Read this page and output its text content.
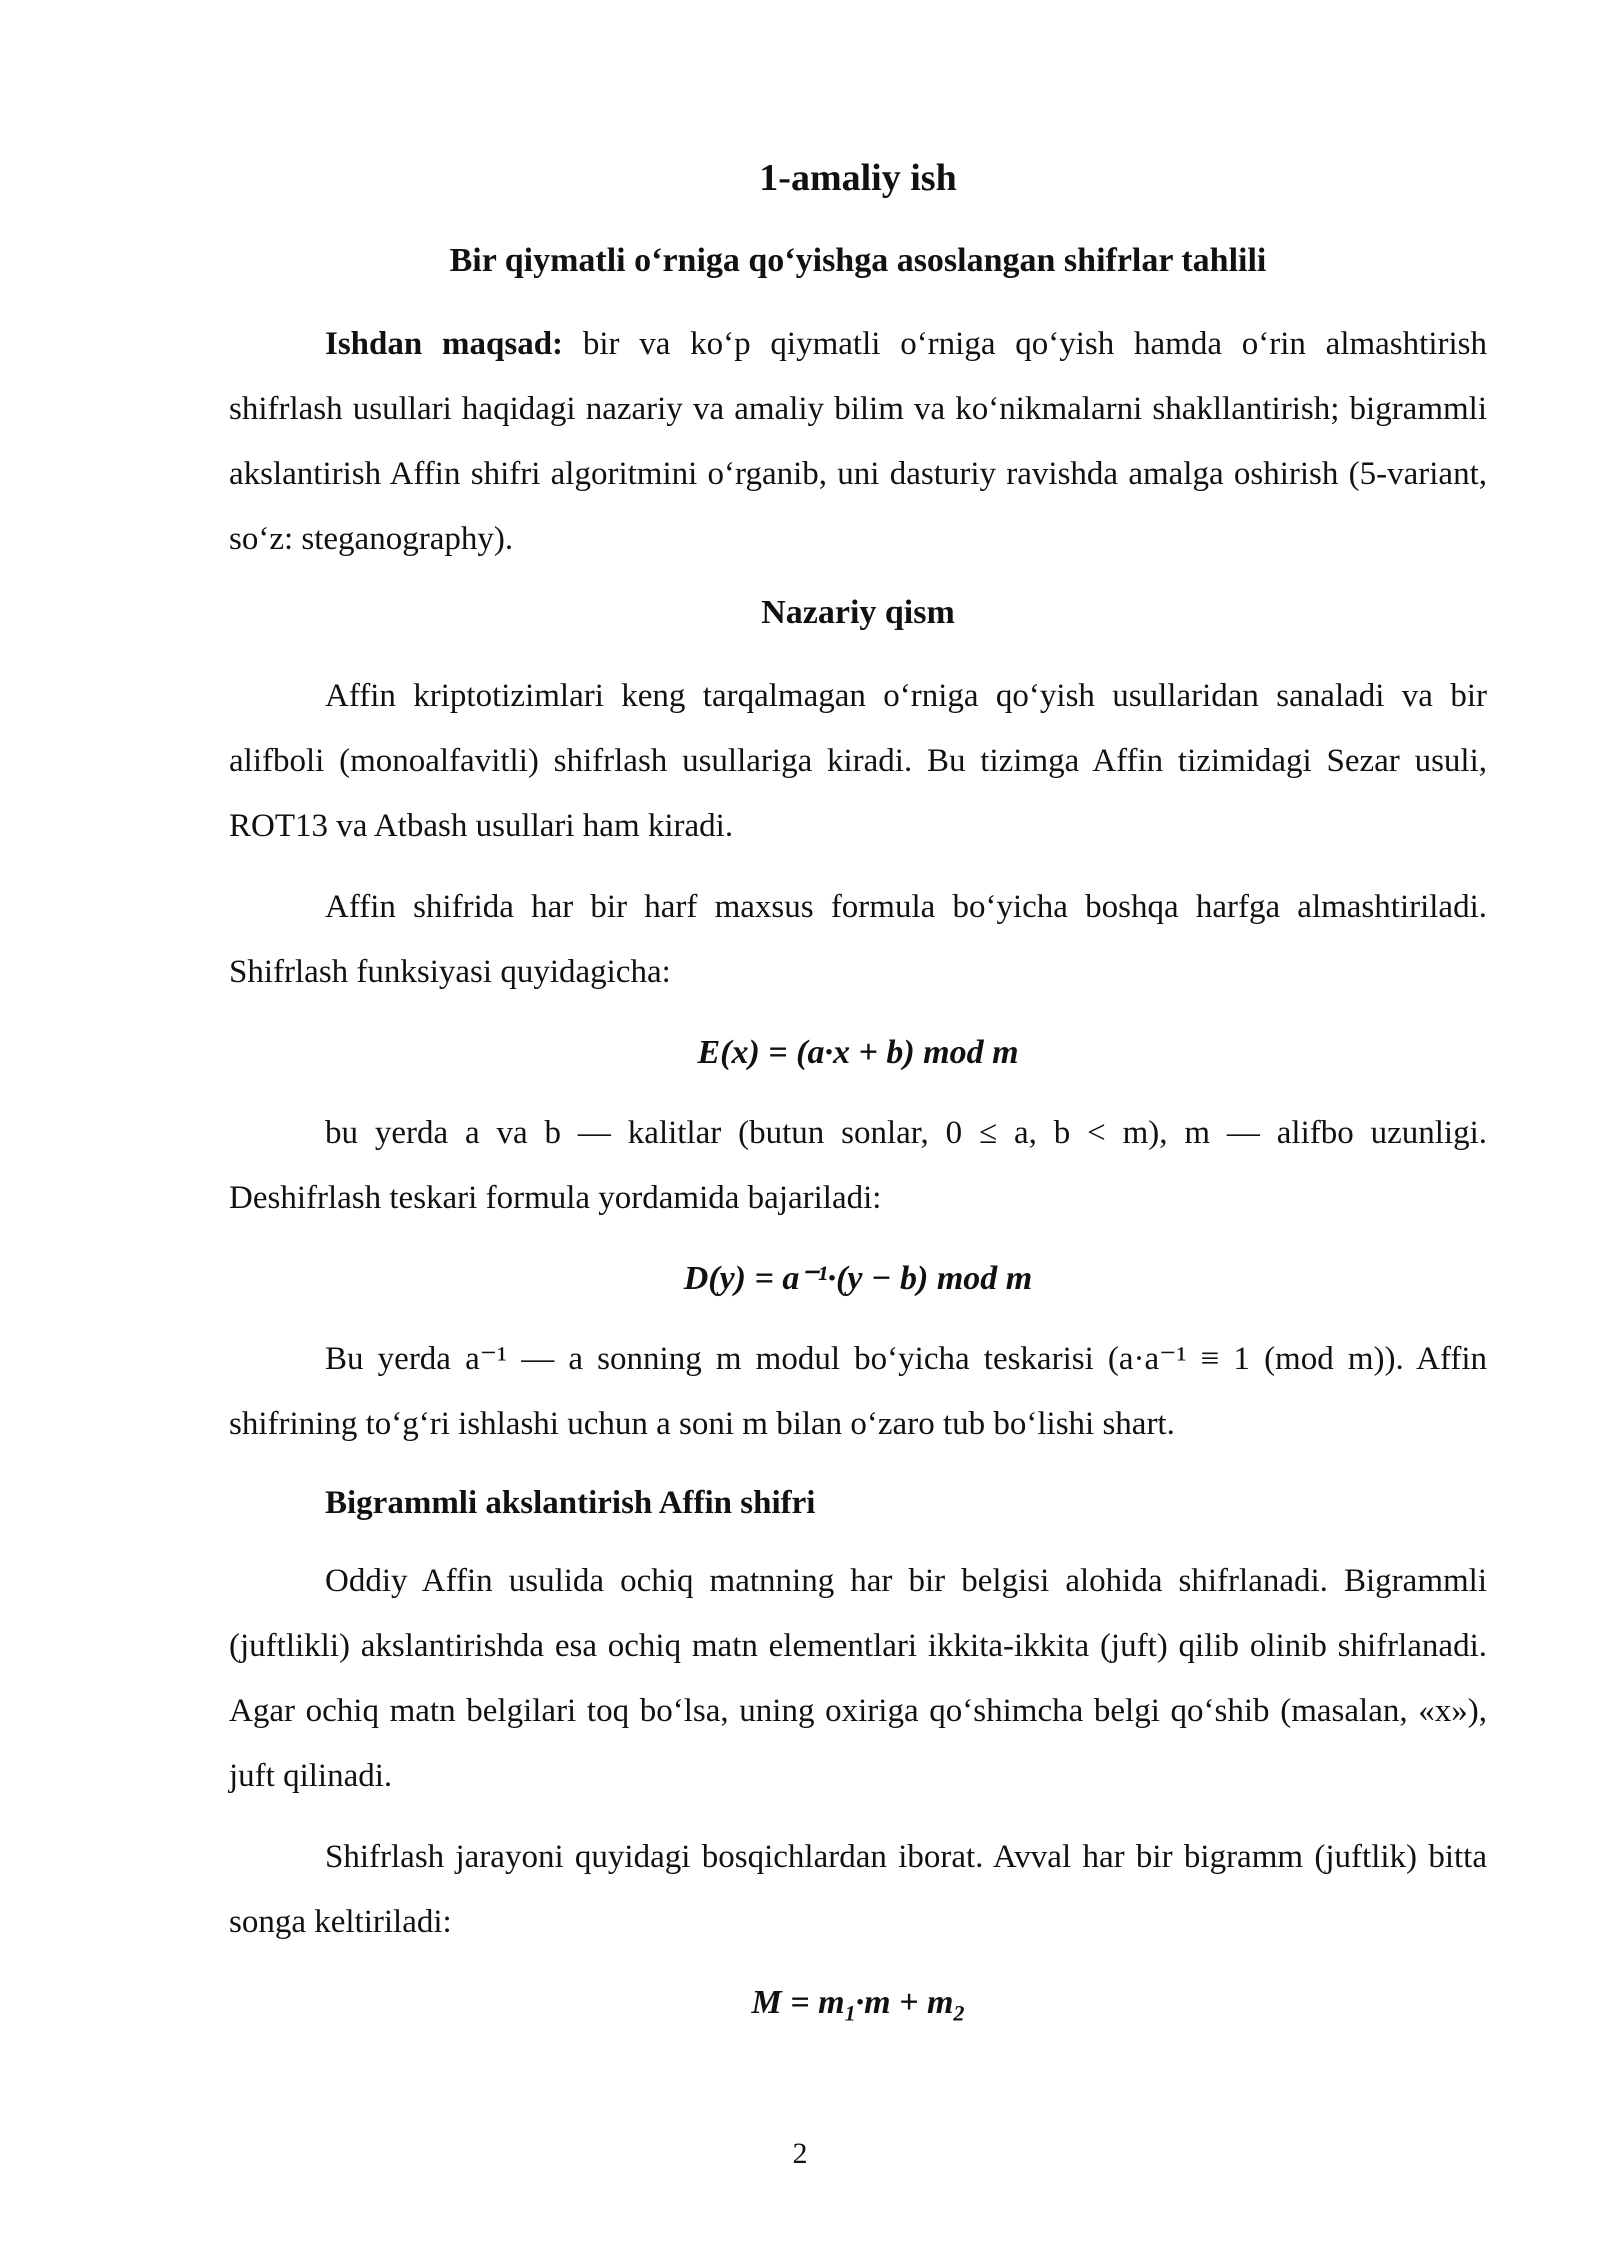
1-amaliy ish
Bir qiymatli o‘rniga qo‘yishga asoslangan shifrlar tahlili

Ishdan maqsad: bir va ko‘p qiymatli o‘rniga qo‘yish hamda o‘rin almashtirish shifrlash usullari haqidagi nazariy va amaliy bilim va ko‘nikmalarni shakllantirish; bigrammli akslantirish Affin shifri algoritmini o‘rganib, uni dasturiy ravishda amalga oshirish (5-variant, so‘z: steganography).

Nazariy qism

Affin kriptotizimlari keng tarqalmagan o‘rniga qo‘yish usullaridan sanaladi va bir alifboli (monoalfavitli) shifrlash usullariga kiradi. Bu tizimga Affin tizimidagi Sezar usuli, ROT13 va Atbash usullari ham kiradi.

Affin shifrida har bir harf maxsus formula bo‘yicha boshqa harfga almashtiriladi. Shifrlash funksiyasi quyidagicha:

E(x) = (a·x + b) mod m

bu yerda a va b — kalitlar (butun sonlar, 0 ≤ a, b < m), m — alifbo uzunligi. Deshifrlash teskari formula yordamida bajariladi:

D(y) = a⁻¹·(y − b) mod m

Bu yerda a⁻¹ — a sonning m modul bo‘yicha teskarisi (a·a⁻¹ ≡ 1 (mod m)). Affin shifrining to‘g‘ri ishlashi uchun a soni m bilan o‘zaro tub bo‘lishi shart.

Bigrammli akslantirish Affin shifri

Oddiy Affin usulida ochiq matnning har bir belgisi alohida shifrlanadi. Bigrammli (juftlikli) akslantirishda esa ochiq matn elementlari ikkita-ikkita (juft) qilib olinib shifrlanadi. Agar ochiq matn belgilari toq bo‘lsa, uning oxiriga qo‘shimcha belgi qo‘shib (masalan, «x»), juft qilinadi.

Shifrlash jarayoni quyidagi bosqichlardan iborat. Avval har bir bigramm (juftlik) bitta songa keltiriladi:

$M = m_1\cdot m + m_2$
2
